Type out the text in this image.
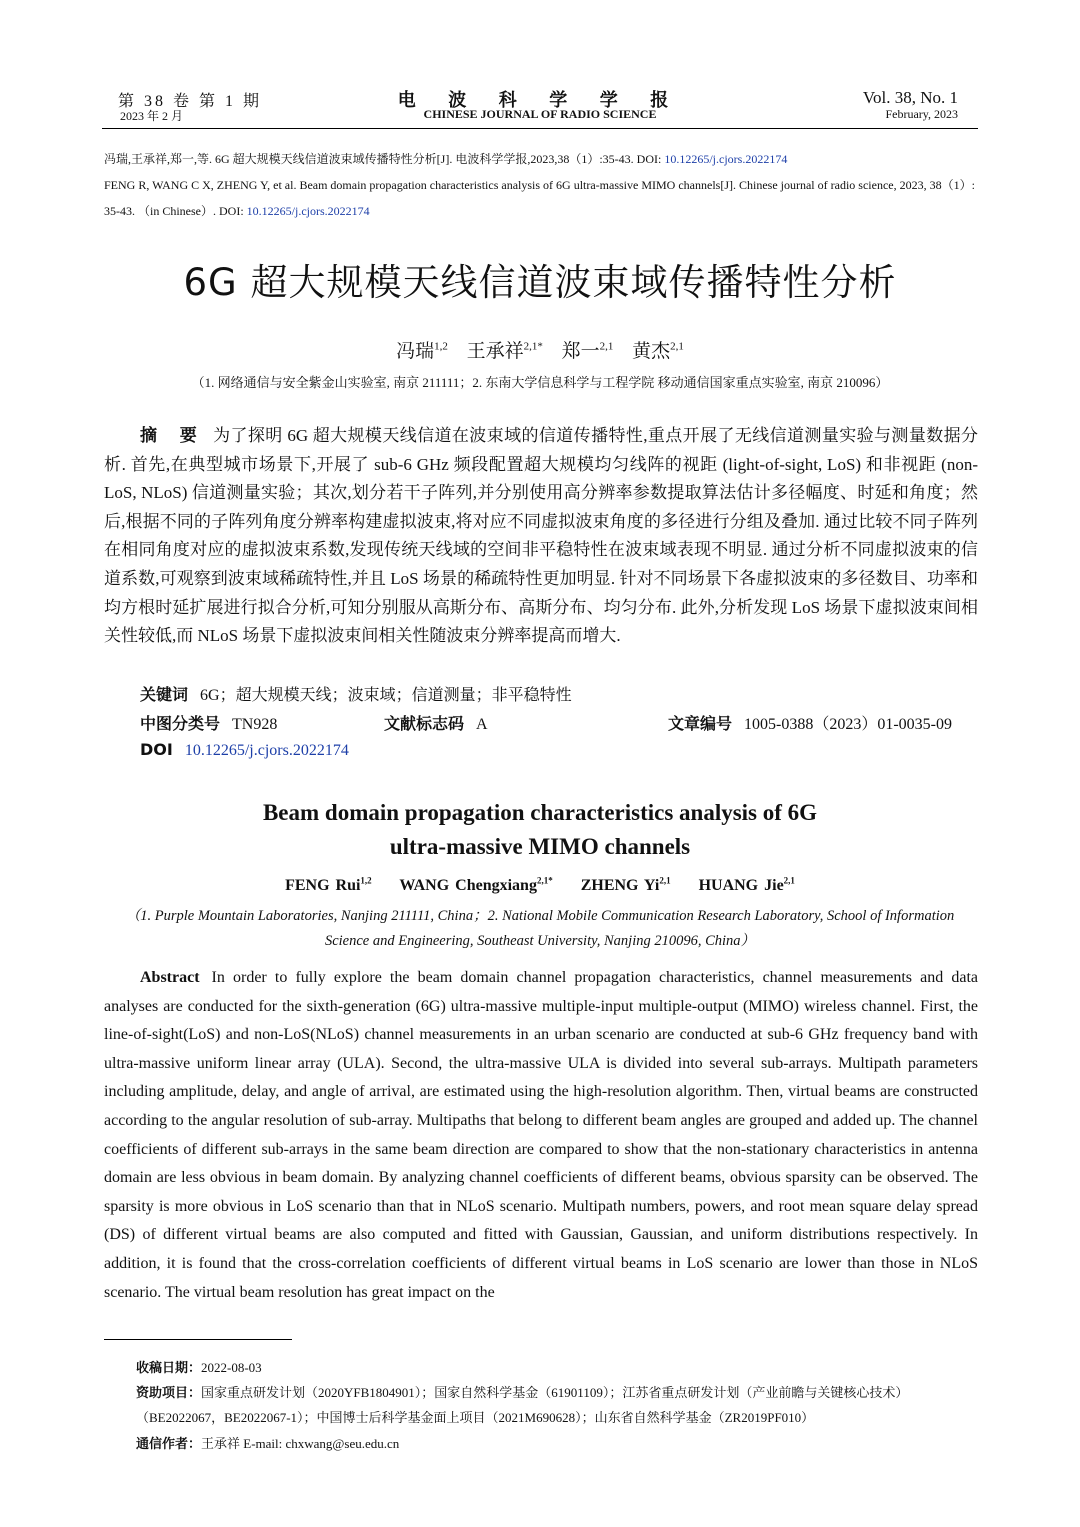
第 38 卷 第 1 期
2023 年 2 月
电 波 科 学 学 报
CHINESE JOURNAL OF RADIO SCIENCE
Vol. 38, No. 1
February, 2023
冯瑞,王承祥,郑一,等. 6G 超大规模天线信道波束域传播特性分析[J]. 电波科学学报,2023,38（1）:35-43. DOI: 10.12265/j.cjors.2022174
FENG R, WANG C X, ZHENG Y, et al. Beam domain propagation characteristics analysis of 6G ultra-massive MIMO channels[J]. Chinese journal of radio science, 2023, 38（1）: 35-43. （in Chinese）. DOI: 10.12265/j.cjors.2022174
6G 超大规模天线信道波束域传播特性分析
冯瑞$^{1,2}$ 王承祥$^{2,1*}$ 郑一$^{2,1}$ 黄杰$^{2,1}$
（1. 网络通信与安全紫金山实验室, 南京 211111；2. 东南大学信息科学与工程学院 移动通信国家重点实验室, 南京 210096）
摘 要 为了探明 6G 超大规模天线信道在波束域的信道传播特性,重点开展了无线信道测量实验与测量数据分析. 首先,在典型城市场景下,开展了 sub-6 GHz 频段配置超大规模均匀线阵的视距 (light-of-sight, LoS) 和非视距 (non-LoS, NLoS) 信道测量实验；其次,划分若干子阵列,并分别使用高分辨率参数提取算法估计多径幅度、时延和角度；然后,根据不同的子阵列角度分辨率构建虚拟波束,将对应不同虚拟波束角度的多径进行分组及叠加. 通过比较不同子阵列在相同角度对应的虚拟波束系数,发现传统天线域的空间非平稳特性在波束域表现不明显. 通过分析不同虚拟波束的信道系数,可观察到波束域稀疏特性,并且 LoS 场景的稀疏特性更加明显. 针对不同场景下各虚拟波束的多径数目、功率和均方根时延扩展进行拟合分析,可知分别服从高斯分布、高斯分布、均匀分布. 此外,分析发现 LoS 场景下虚拟波束间相关性较低,而 NLoS 场景下虚拟波束间相关性随波束分辨率提高而增大.
关键词 6G；超大规模天线；波束域；信道测量；非平稳特性
中图分类号 TN928	文献标志码 A	文章编号 1005-0388（2023）01-0035-09
DOI 10.12265/j.cjors.2022174
Beam domain propagation characteristics analysis of 6G
ultra-massive MIMO channels
FENG Rui$^{1,2}$ WANG Chengxiang$^{2,1*}$ ZHENG Yi$^{2,1}$ HUANG Jie$^{2,1}$
（1. Purple Mountain Laboratories, Nanjing 211111, China；2. National Mobile Communication Research Laboratory, School of Information Science and Engineering, Southeast University, Nanjing 210096, China）
Abstract In order to fully explore the beam domain channel propagation characteristics, channel measurements and data analyses are conducted for the sixth-generation (6G) ultra-massive multiple-input multiple-output (MIMO) wireless channel. First, the line-of-sight(LoS) and non-LoS(NLoS) channel measurements in an urban scenario are conducted at sub-6 GHz frequency band with ultra-massive uniform linear array (ULA). Second, the ultra-massive ULA is divided into several sub-arrays. Multipath parameters including amplitude, delay, and angle of arrival, are estimated using the high-resolution algorithm. Then, virtual beams are constructed according to the angular resolution of sub-array. Multipaths that belong to different beam angles are grouped and added up. The channel coefficients of different sub-arrays in the same beam direction are compared to show that the non-stationary characteristics in antenna domain are less obvious in beam domain. By analyzing channel coefficients of different beams, obvious sparsity can be observed. The sparsity is more obvious in LoS scenario than that in NLoS scenario. Multipath numbers, powers, and root mean square delay spread (DS) of different virtual beams are also computed and fitted with Gaussian, Gaussian, and uniform distributions respectively. In addition, it is found that the cross-correlation coefficients of different virtual beams in LoS scenario are lower than those in NLoS scenario. The virtual beam resolution has great impact on the
收稿日期：2022-08-03
资助项目：国家重点研发计划（2020YFB1804901）；国家自然科学基金（61901109）；江苏省重点研发计划（产业前瞻与关键核心技术）（BE2022067，BE2022067-1）；中国博士后科学基金面上项目（2021M690628）；山东省自然科学基金（ZR2019PF010）
通信作者：王承祥 E-mail: chxwang@seu.edu.cn
